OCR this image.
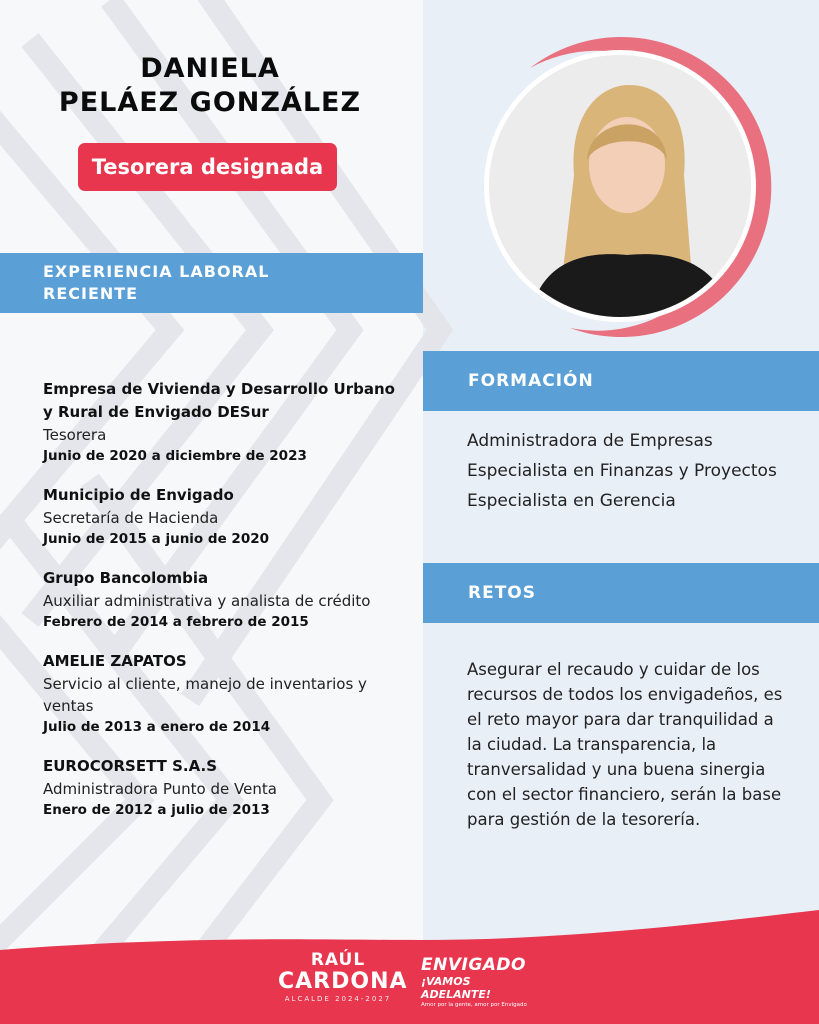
DANIELA
PELÁEZ GONZÁLEZ
Tesorera designada
EXPERIENCIA LABORAL
RECIENTE
Empresa de Vivienda y Desarrollo Urbano y Rural de Envigado DESur
Tesorera
Junio de 2020 a diciembre de 2023
Municipio de Envigado
Secretaría de Hacienda
Junio de 2015 a junio de 2020
Grupo Bancolombia
Auxiliar administrativa y analista de crédito
Febrero de 2014 a febrero de 2015
AMELIE ZAPATOS
Servicio al cliente, manejo de inventarios y ventas
Julio de 2013 a enero de 2014
EUROCORSETT S.A.S
Administradora Punto de Venta
Enero de 2012 a julio de 2013
FORMACIÓN
Administradora de Empresas
Especialista en Finanzas y Proyectos
Especialista en Gerencia
RETOS
Asegurar el recaudo y cuidar de los recursos de todos los envigadeños, es el reto mayor para dar tranquilidad a la ciudad. La transparencia, la tranversalidad y una buena sinergia con el sector financiero, serán la base para gestión de la tesorería.
RAÚL
CARDONA
ALCALDE 2024-2027
ENVIGADO
¡VAMOS ADELANTE!
Amor por la gente, amor por Envigado
